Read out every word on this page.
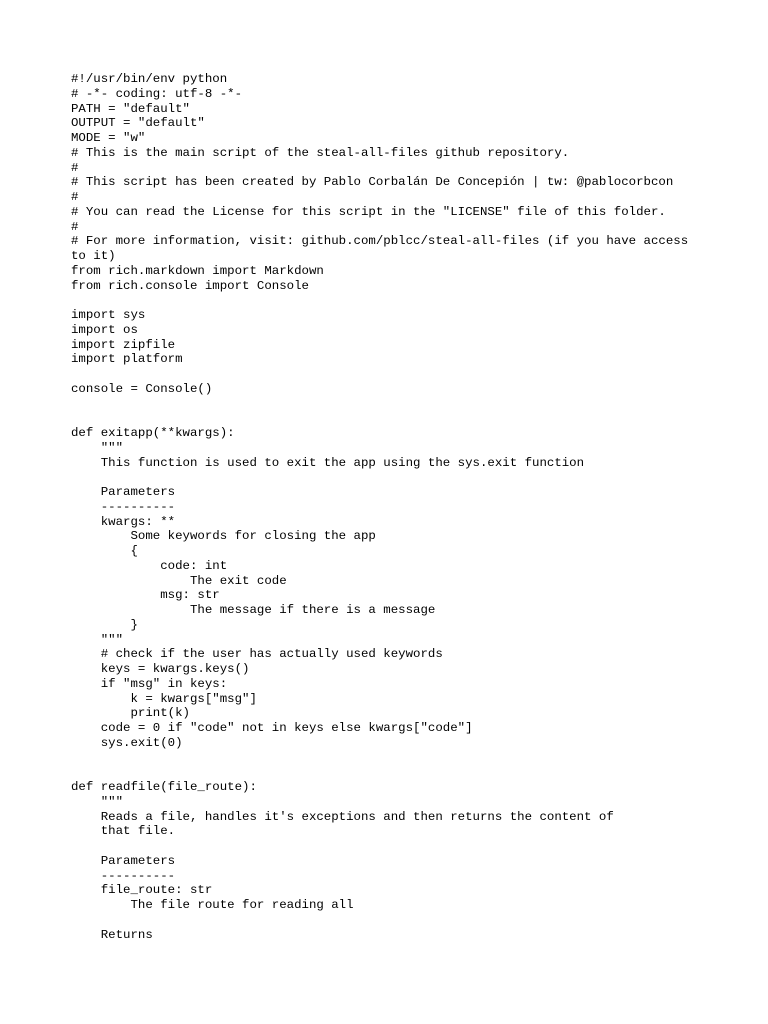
#!/usr/bin/env python
# -*- coding: utf-8 -*-
PATH = "default"
OUTPUT = "default"
MODE = "w"
# This is the main script of the steal-all-files github repository.
#
# This script has been created by Pablo Corbalán De Concepión | tw: @pablocorbcon
#
# You can read the License for this script in the "LICENSE" file of this folder.
#
# For more information, visit: github.com/pblcc/steal-all-files (if you have access
to it)
from rich.markdown import Markdown
from rich.console import Console
import sys
import os
import zipfile
import platform
console = Console()
def exitapp(**kwargs):
"""
This function is used to exit the app using the sys.exit function
Parameters
----------
kwargs: **
Some keywords for closing the app
{
code: int
The exit code
msg: str
The message if there is a message
}
"""
# check if the user has actually used keywords
keys = kwargs.keys()
if "msg" in keys:
k = kwargs["msg"]
print(k)
code = 0 if "code" not in keys else kwargs["code"]
sys.exit(0)
def readfile(file_route):
"""
Reads a file, handles it's exceptions and then returns the content of
that file.
Parameters
----------
file_route: str
The file route for reading all
Returns
